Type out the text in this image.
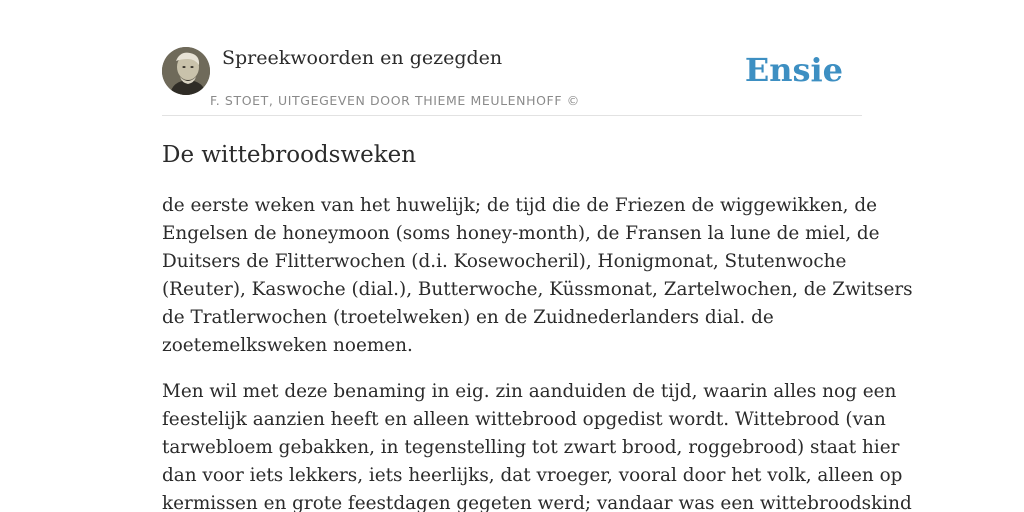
Spreekwoorden en gezegden
F. STOET, UITGEGEVEN DOOR THIEME MEULENHOFF ©
Ensie
De wittebroodsweken

de eerste weken van het huwelijk; de tijd die de Friezen de wiggewikken, de
Engelsen de honeymoon (soms honey-month), de Fransen la lune de miel, de
Duitsers de Flitterwochen (d.i. Kosewocheril), Honigmonat, Stutenwoche
(Reuter), Kaswoche (dial.), Butterwoche, Küssmonat, Zartelwochen, de Zwitsers
de Tratlerwochen (troetelweken) en de Zuidnederlanders dial. de
zoetemelksweken noemen.

Men wil met deze benaming in eig. zin aanduiden de tijd, waarin alles nog een
feestelijk aanzien heeft en alleen wittebrood opgedist wordt. Wittebrood (van
tarwebloem gebakken, in tegenstelling tot zwart brood, roggebrood) staat hier
dan voor iets lekkers, iets heerlijks, dat vroeger, vooral door het volk, alleen op
kermissen en grote feestdagen gegeten werd; vandaar was een wittebroodskind
